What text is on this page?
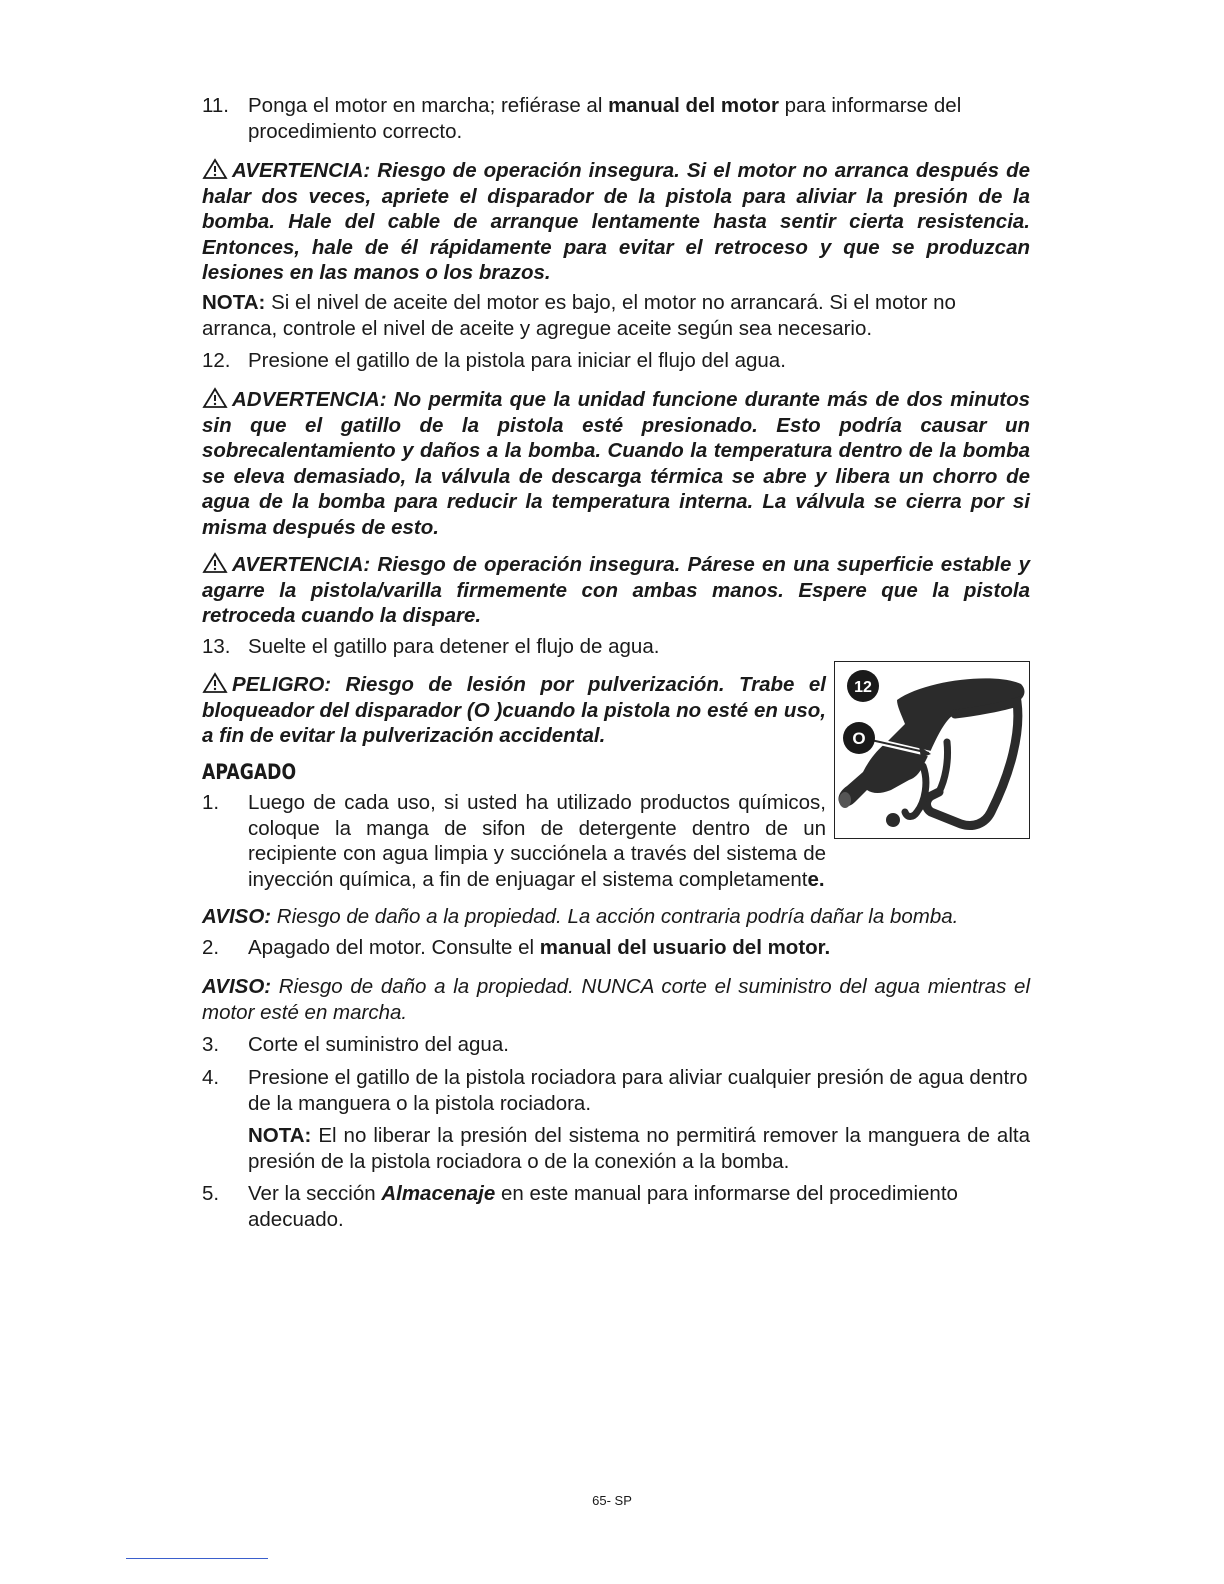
11. Ponga el motor en marcha; refiérase al manual del motor para informarse del procedimiento correcto.

AVERTENCIA: Riesgo de operación insegura. Si el motor no arranca después de halar dos veces, apriete el disparador de la pistola para aliviar la presión de la bomba. Hale del cable de arranque lentamente hasta sentir cierta resistencia. Entonces, hale de él rápidamente para evitar el retroceso y que se produzcan lesiones en las manos o los brazos.

NOTA: Si el nivel de aceite del motor es bajo, el motor no arrancará. Si el motor no arranca, controle el nivel de aceite y agregue aceite según sea necesario.

12. Presione el gatillo de la pistola para iniciar el flujo del agua.

ADVERTENCIA: No permita que la unidad funcione durante más de dos minutos sin que el gatillo de la pistola esté presionado. Esto podría causar un sobrecalentamiento y daños a la bomba. Cuando la temperatura dentro de la bomba se eleva demasiado, la válvula de descarga térmica se abre y libera un chorro de agua de la bomba para reducir la temperatura interna. La válvula se cierra por si misma después de esto.

AVERTENCIA: Riesgo de operación insegura. Párese en una superficie estable y agarre la pistola/varilla firmemente con ambas manos. Espere que la pistola retroceda cuando la dispare.

13. Suelte el gatillo para detener el flujo de agua.

PELIGRO: Riesgo de lesión por pulverización. Trabe el bloqueador del disparador (O )cuando la pistola no esté en uso, a fin de evitar la pulverización accidental.

12
O
APAGADO
1.	Luego de cada uso, si usted ha utilizado productos químicos, coloque la manga de sifon de detergente dentro de un recipiente con agua limpia y succiónela a través del sistema de inyección química, a fin de enjuagar el sistema completamente.

AVISO: Riesgo de daño a la propiedad. La acción contraria podría dañar la bomba.

2.	Apagado del motor. Consulte el manual del usuario del motor.

AVISO: Riesgo de daño a la propiedad. NUNCA corte el suministro del agua mientras el motor esté en marcha.

3.	Corte el suministro del agua.

4.	Presione el gatillo de la pistola rociadora para aliviar cualquier presión de agua dentro de la manguera o la pistola rociadora.

NOTA: El no liberar la presión del sistema no permitirá remover la manguera de alta presión de la pistola rociadora o de la conexión a la bomba.

5.	Ver la sección Almacenaje en este manual para informarse del procedimiento adecuado.

65- SP
